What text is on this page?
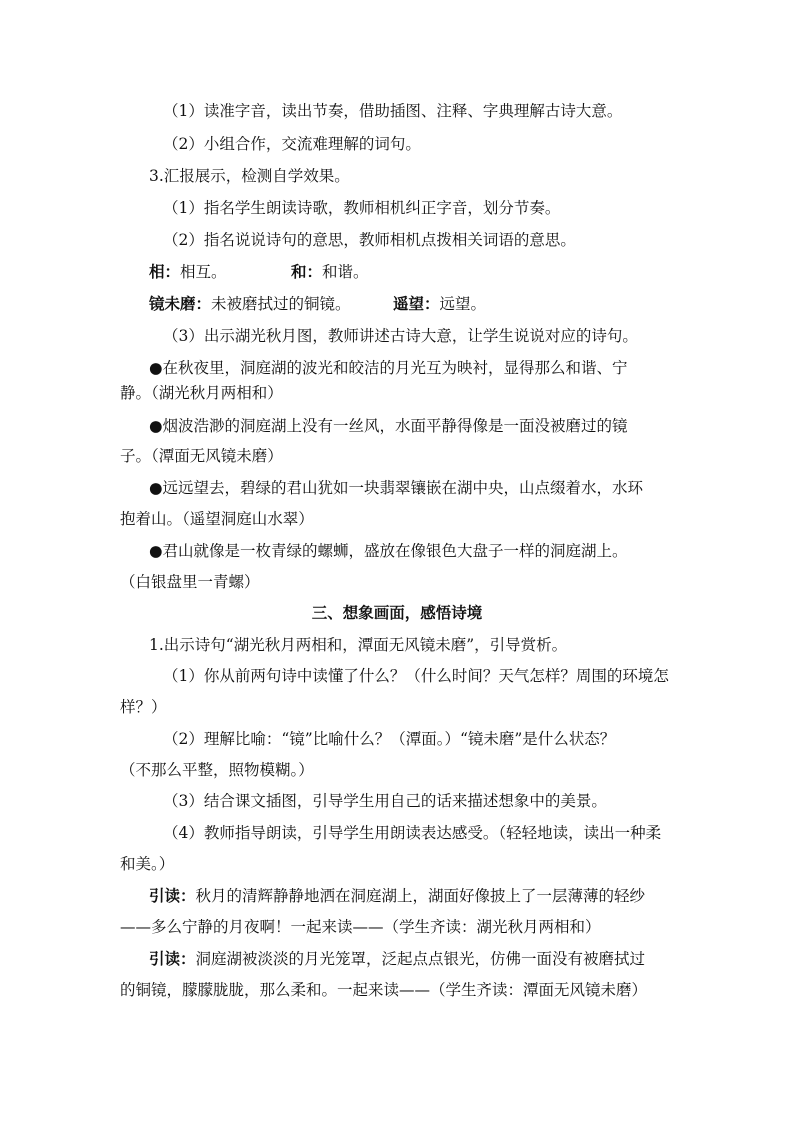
（1）读准字音，读出节奏，借助插图、注释、字典理解古诗大意。
（2）小组合作，交流难理解的词句。
3.汇报展示，检测自学效果。
（1）指名学生朗读诗歌，教师相机纠正字音，划分节奏。
（2）指名说说诗句的意思，教师相机点拨相关词语的意思。
相：相互。	和：和谐。
镜未磨：未被磨拭过的铜镜。	遥望：远望。
（3）出示湖光秋月图，教师讲述古诗大意，让学生说说对应的诗句。
●在秋夜里，洞庭湖的波光和皎洁的月光互为映衬，显得那么和谐、宁
静。（湖光秋月两相和）
●烟波浩渺的洞庭湖上没有一丝风，水面平静得像是一面没被磨过的镜
子。（潭面无风镜未磨）
●远远望去，碧绿的君山犹如一块翡翠镶嵌在湖中央，山点缀着水，水环
抱着山。（遥望洞庭山水翠）
●君山就像是一枚青绿的螺蛳，盛放在像银色大盘子一样的洞庭湖上。
（白银盘里一青螺）
三、想象画面，感悟诗境
1.出示诗句“湖光秋月两相和，潭面无风镜未磨”，引导赏析。
（1）你从前两句诗中读懂了什么？（什么时间？天气怎样？周围的环境怎
样？）
（2）理解比喻：“镜”比喻什么？（潭面。）“镜未磨”是什么状态？
（不那么平整，照物模糊。）
（3）结合课文插图，引导学生用自己的话来描述想象中的美景。
（4）教师指导朗读，引导学生用朗读表达感受。（轻轻地读，读出一种柔
和美。）
引读：秋月的清辉静静地洒在洞庭湖上，湖面好像披上了一层薄薄的轻纱
——多么宁静的月夜啊！一起来读——（学生齐读：湖光秋月两相和）
引读：洞庭湖被淡淡的月光笼罩，泛起点点银光，仿佛一面没有被磨拭过
的铜镜，朦朦胧胧，那么柔和。一起来读——（学生齐读：潭面无风镜未磨）
